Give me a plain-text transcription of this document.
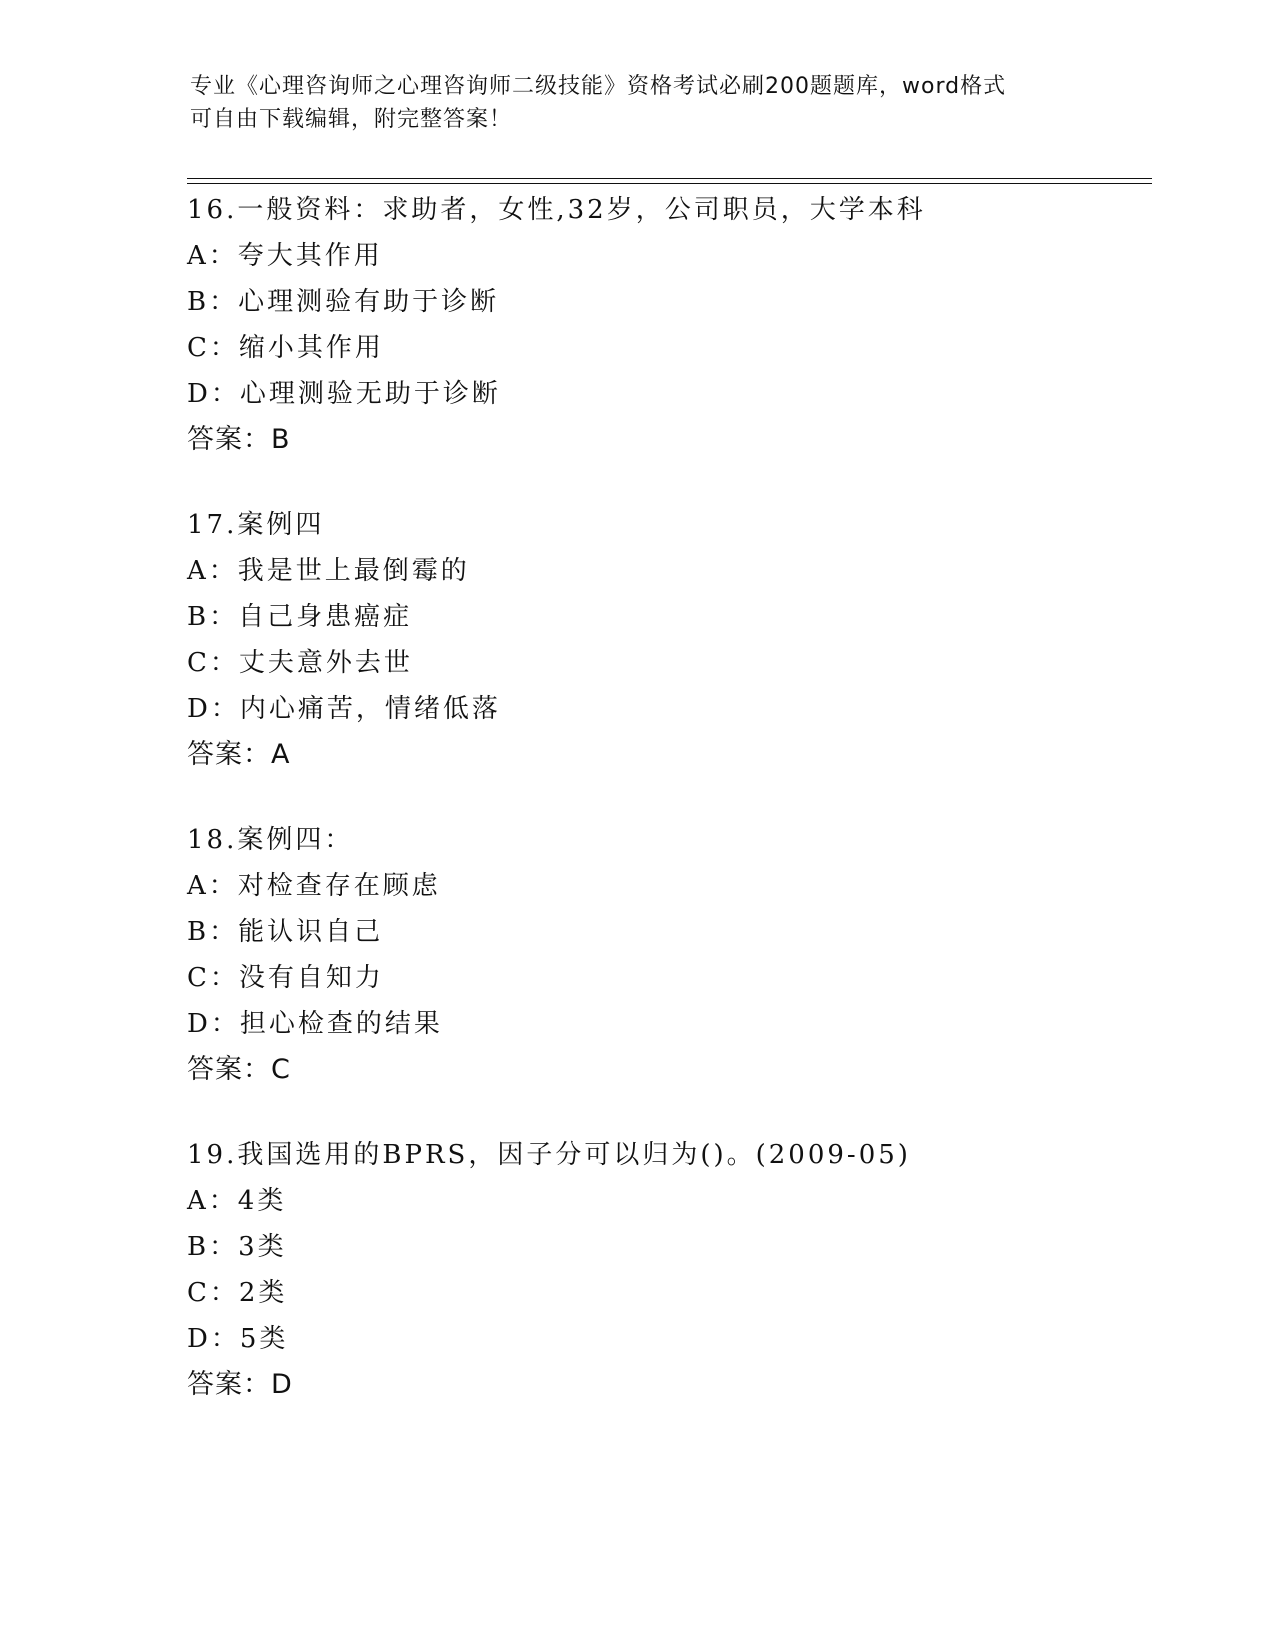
专业《心理咨询师之心理咨询师二级技能》资格考试必刷200题题库，word格式
可自由下载编辑，附完整答案！
16.一般资料：求助者，女性,32岁，公司职员，大学本科
A：夸大其作用
B：心理测验有助于诊断
C：缩小其作用
D：心理测验无助于诊断
答案：B
17.案例四
A：我是世上最倒霉的
B：自己身患癌症
C：丈夫意外去世
D：内心痛苦，情绪低落
答案：A
18.案例四：
A：对检查存在顾虑
B：能认识自己
C：没有自知力
D：担心检查的结果
答案：C
19.我国选用的BPRS，因子分可以归为()。(2009-05)
A：4类
B：3类
C：2类
D：5类
答案：D
